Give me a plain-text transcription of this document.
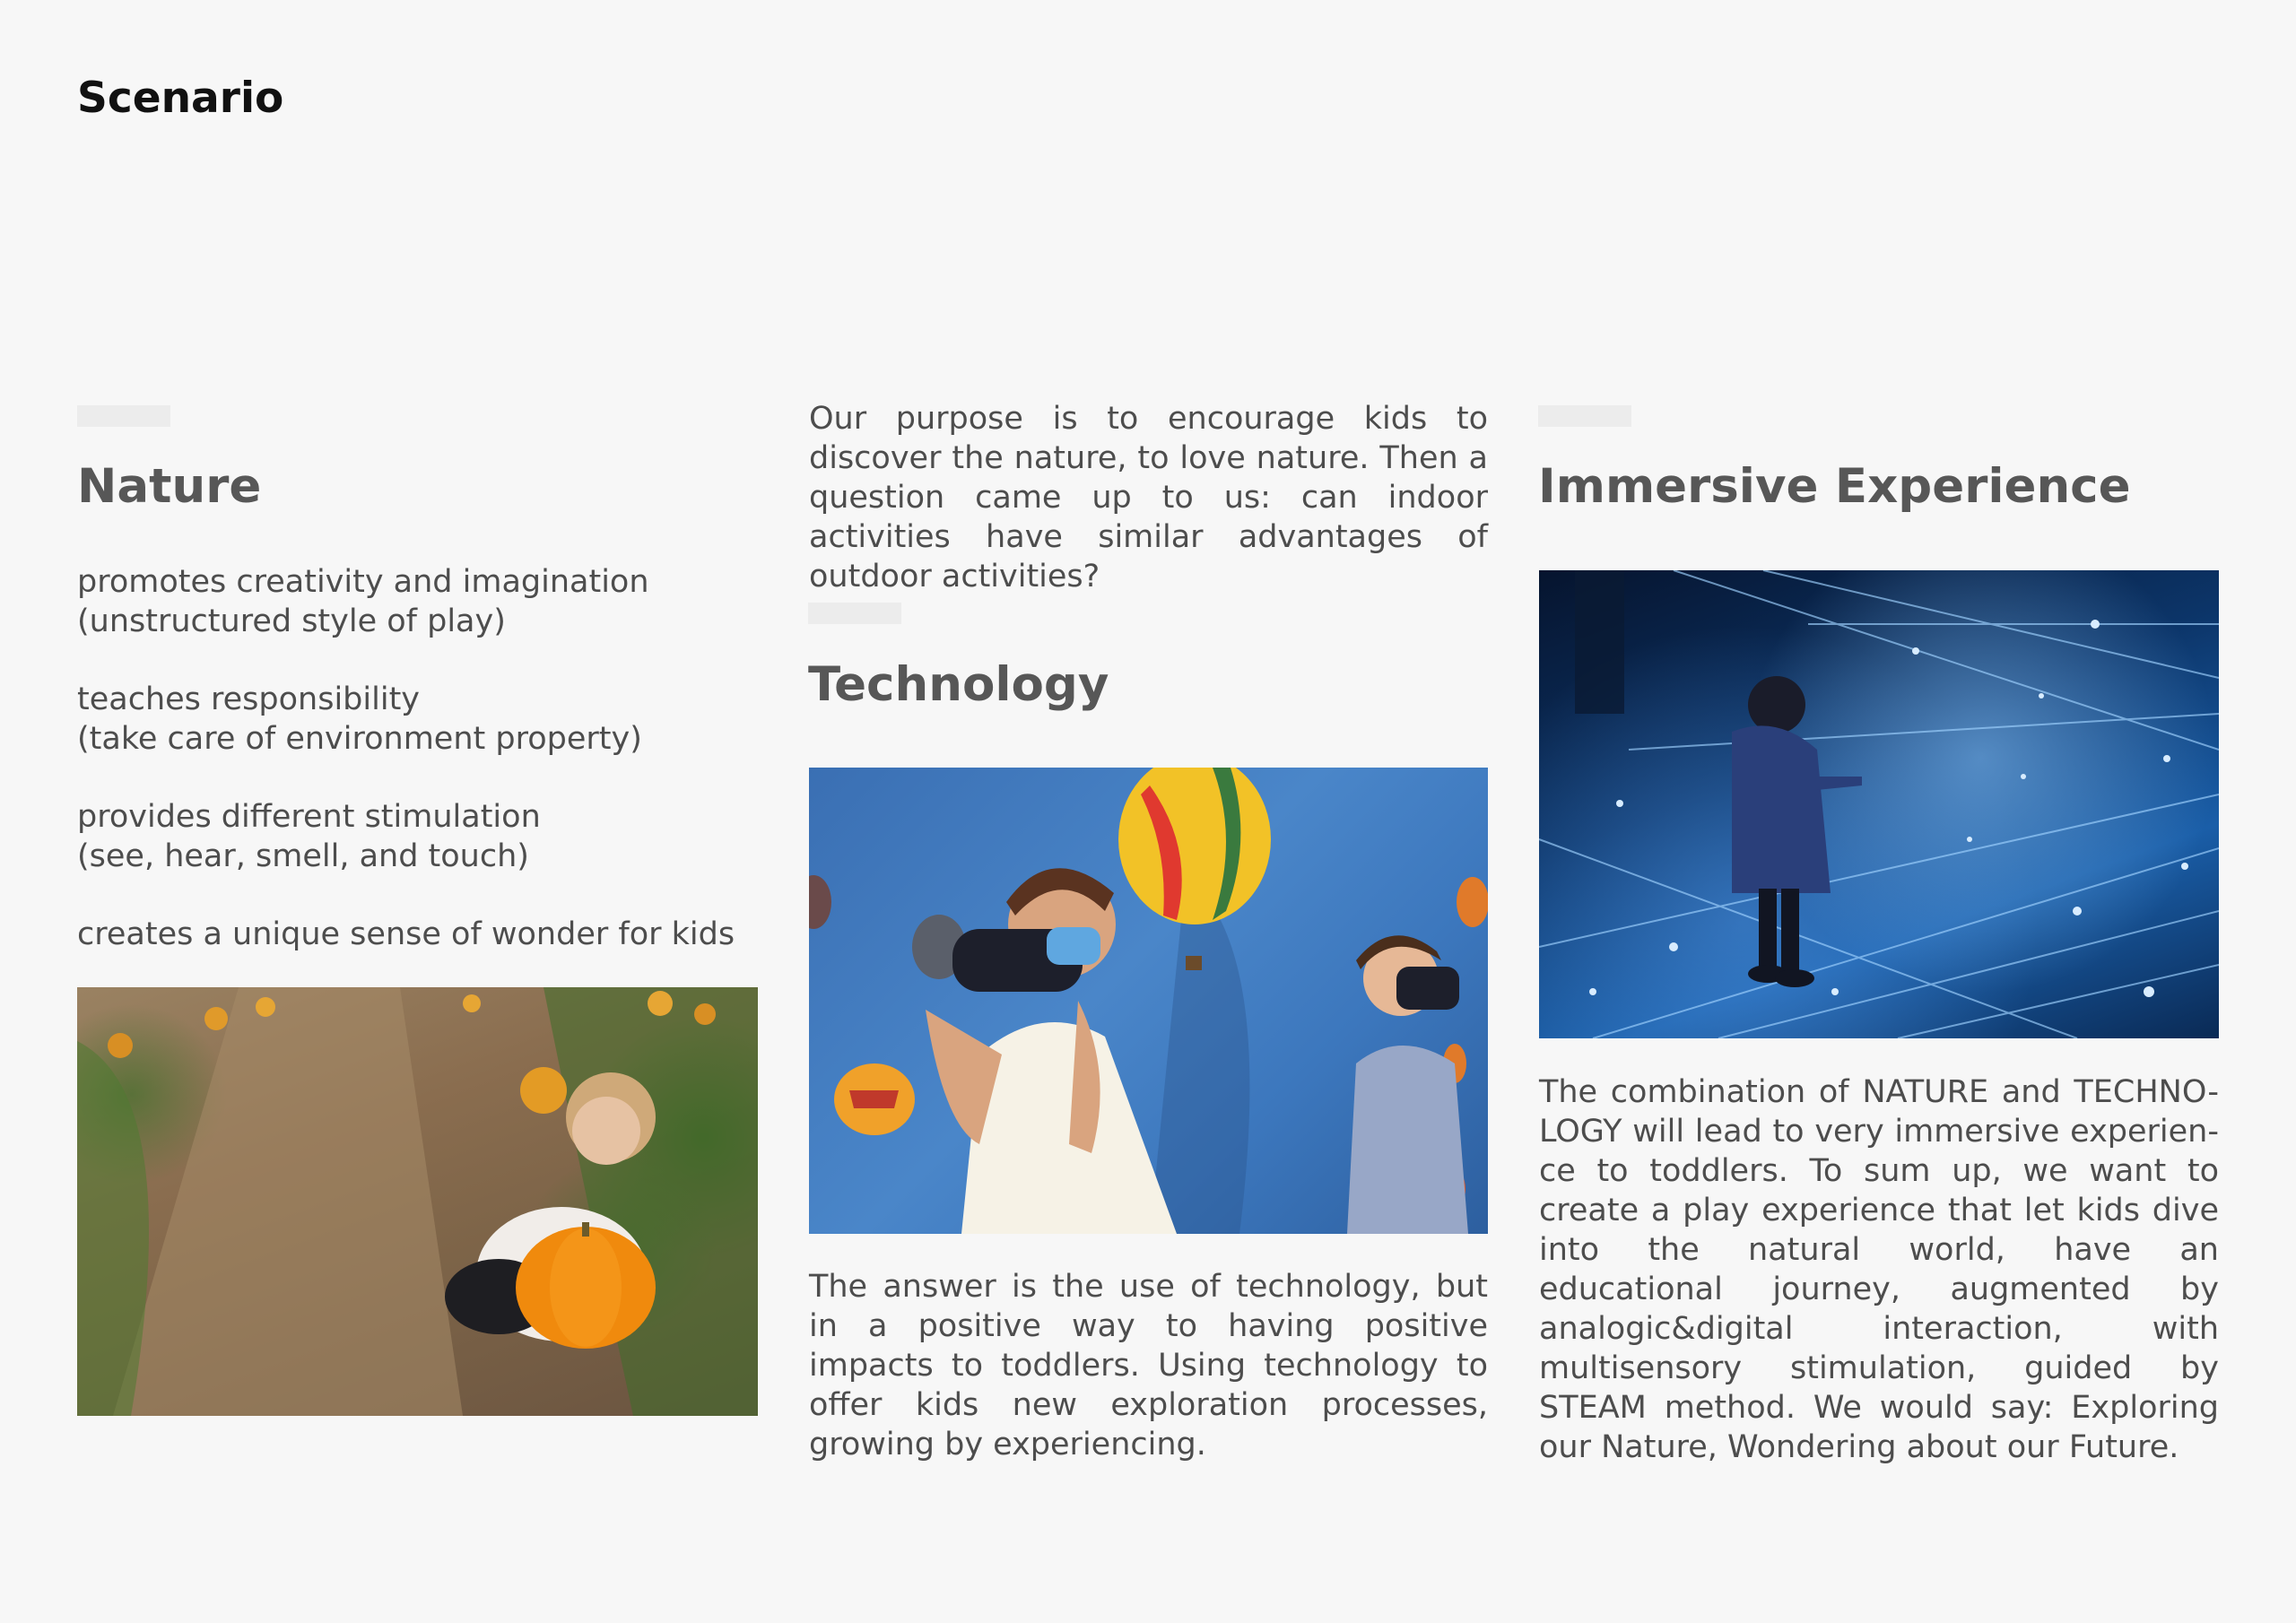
Scenario
Nature
promotes creativity and imagination
(unstructured style of play)
teaches responsibility
(take care of environment property)
provides different stimulation
(see, hear, smell, and touch)
creates a unique sense of wonder for kids

Our purpose is to encourage kids to discover the nature, to love nature. Then a question came up to us: can indoor activities have similar advantages of outdoor activities?

Technology

The answer is the use of technology, but in a positive way to having positive impacts to toddlers. Using technology to offer kids new exploration processes, growing by experiencing.

Immersive Experience

The combination of NATURE and TECHNO-LOGY will lead to very immersive experien-ce to toddlers. To sum up, we want to create a play experience that let kids dive into the natural world, have an educational journey, augmented by analogic&digital interaction, with multisensory stimulation, guided by STEAM method. We would say: Exploring our Nature, Wondering about our Future.
